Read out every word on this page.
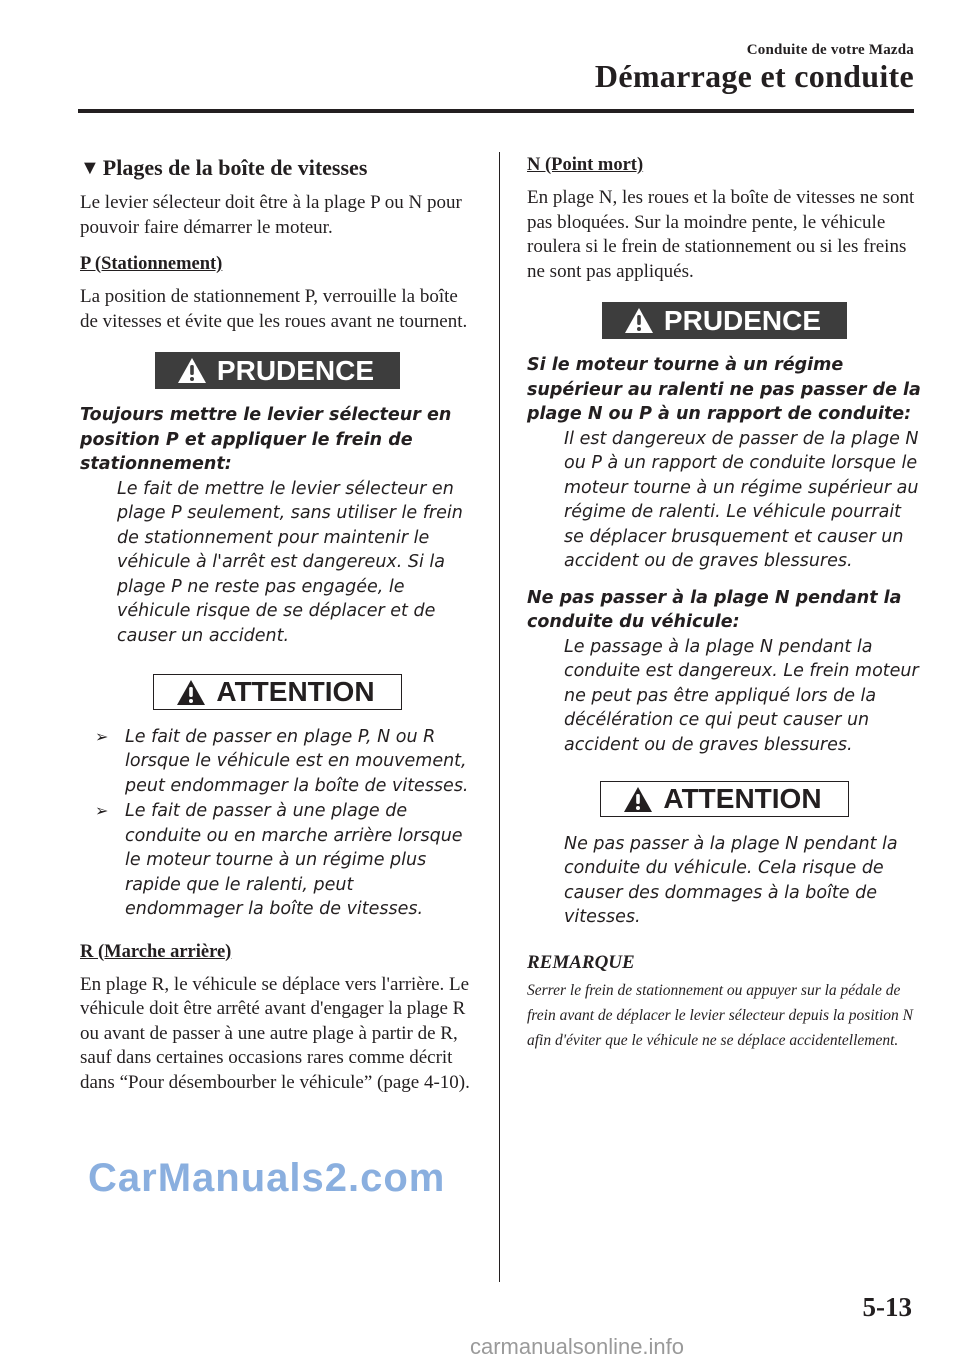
Conduite de votre Mazda
Démarrage et conduite
▼ Plages de la boîte de vitesses

Le levier sélecteur doit être à la plage P ou N pour pouvoir faire démarrer le moteur.

P (Stationnement)

La position de stationnement P, verrouille la boîte de vitesses et évite que les roues avant ne tournent.

PRUDENCE

Toujours mettre le levier sélecteur en position P et appliquer le frein de stationnement:

Le fait de mettre le levier sélecteur en plage P seulement, sans utiliser le frein de stationnement pour maintenir le véhicule à l'arrêt est dangereux. Si la plage P ne reste pas engagée, le véhicule risque de se déplacer et de causer un accident.

ATTENTION
➢ Le fait de passer en plage P, N ou R lorsque le véhicule est en mouvement, peut endommager la boîte de vitesses.
➢ Le fait de passer à une plage de conduite ou en marche arrière lorsque le moteur tourne à un régime plus rapide que le ralenti, peut endommager la boîte de vitesses.
R (Marche arrière)

En plage R, le véhicule se déplace vers l'arrière. Le véhicule doit être arrêté avant d'engager la plage R ou avant de passer à une autre plage à partir de R, sauf dans certaines occasions rares comme décrit dans “Pour désembourber le véhicule” (page 4-10).

N (Point mort)

En plage N, les roues et la boîte de vitesses ne sont pas bloquées. Sur la moindre pente, le véhicule roulera si le frein de stationnement ou si les freins ne sont pas appliqués.

PRUDENCE

Si le moteur tourne à un régime supérieur au ralenti ne pas passer de la plage N ou P à un rapport de conduite:

Il est dangereux de passer de la plage N ou P à un rapport de conduite lorsque le moteur tourne à un régime supérieur au régime de ralenti. Le véhicule pourrait se déplacer brusquement et causer un accident ou de graves blessures.

Ne pas passer à la plage N pendant la conduite du véhicule:

Le passage à la plage N pendant la conduite est dangereux. Le frein moteur ne peut pas être appliqué lors de la décélération ce qui peut causer un accident ou de graves blessures.

ATTENTION

Ne pas passer à la plage N pendant la conduite du véhicule. Cela risque de causer des dommages à la boîte de vitesses.

REMARQUE

Serrer le frein de stationnement ou appuyer sur la pédale de frein avant de déplacer le levier sélecteur depuis la position N afin d'éviter que le véhicule ne se déplace accidentellement.

5-13
CarManuals2.com
carmanualsonline.info
